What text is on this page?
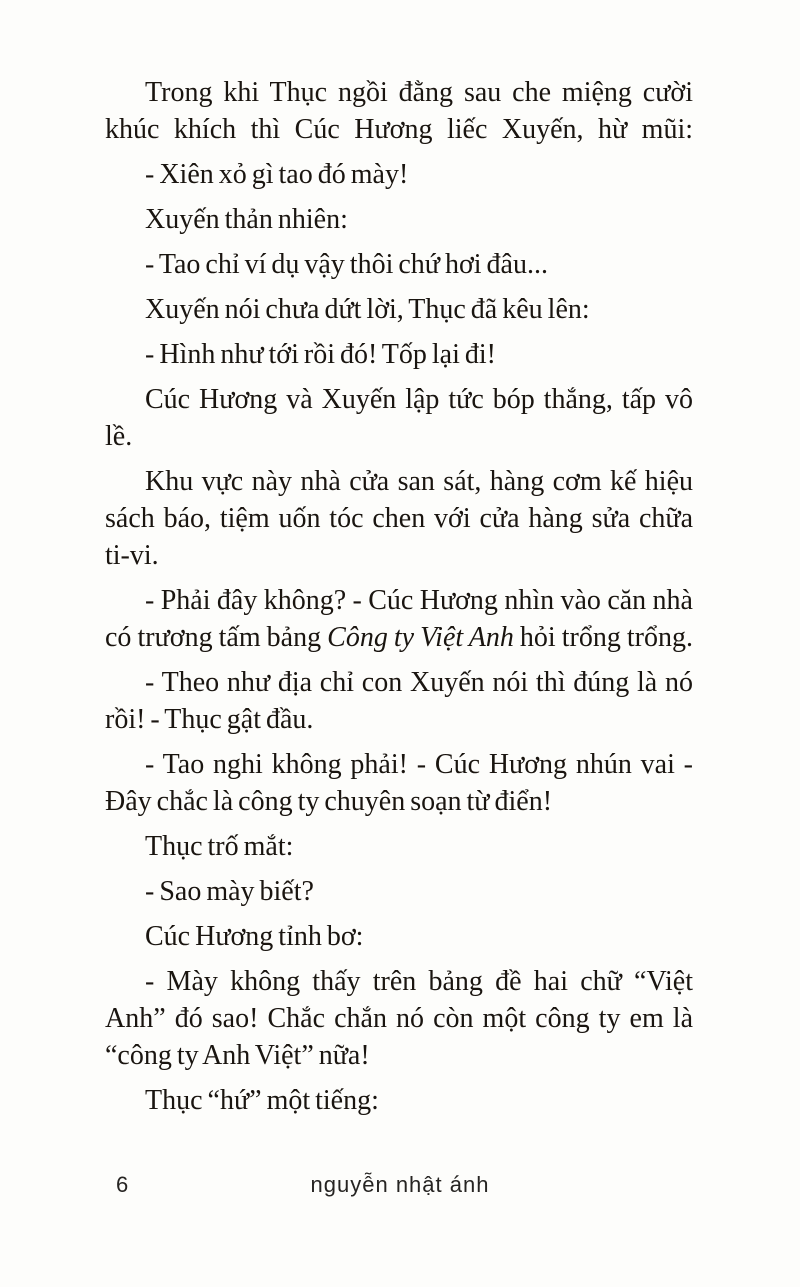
Trong khi Thục ngồi đằng sau che miệng cười
khúc khích thì Cúc Hương liếc Xuyến, hừ mũi:
- Xiên xỏ gì tao đó mày!
Xuyến thản nhiên:
- Tao chỉ ví dụ vậy thôi chứ hơi đâu...
Xuyến nói chưa dứt lời, Thục đã kêu lên:
- Hình như tới rồi đó! Tốp lại đi!
Cúc Hương và Xuyến lập tức bóp thắng, tấp vô
lề.
Khu vực này nhà cửa san sát, hàng cơm kế hiệu
sách báo, tiệm uốn tóc chen với cửa hàng sửa chữa
ti-vi.
- Phải đây không? - Cúc Hương nhìn vào căn nhà
có trương tấm bảng Công ty Việt Anh hỏi trổng trổng.
- Theo như địa chỉ con Xuyến nói thì đúng là nó
rồi! - Thục gật đầu.
- Tao nghi không phải! - Cúc Hương nhún vai -
Đây chắc là công ty chuyên soạn từ điển!
Thục trố mắt:
- Sao mày biết?
Cúc Hương tỉnh bơ:
- Mày không thấy trên bảng đề hai chữ “Việt
Anh” đó sao! Chắc chắn nó còn một công ty em là
“công ty Anh Việt” nữa!
Thục “hứ” một tiếng:
6	nguyễn nhật ánh
